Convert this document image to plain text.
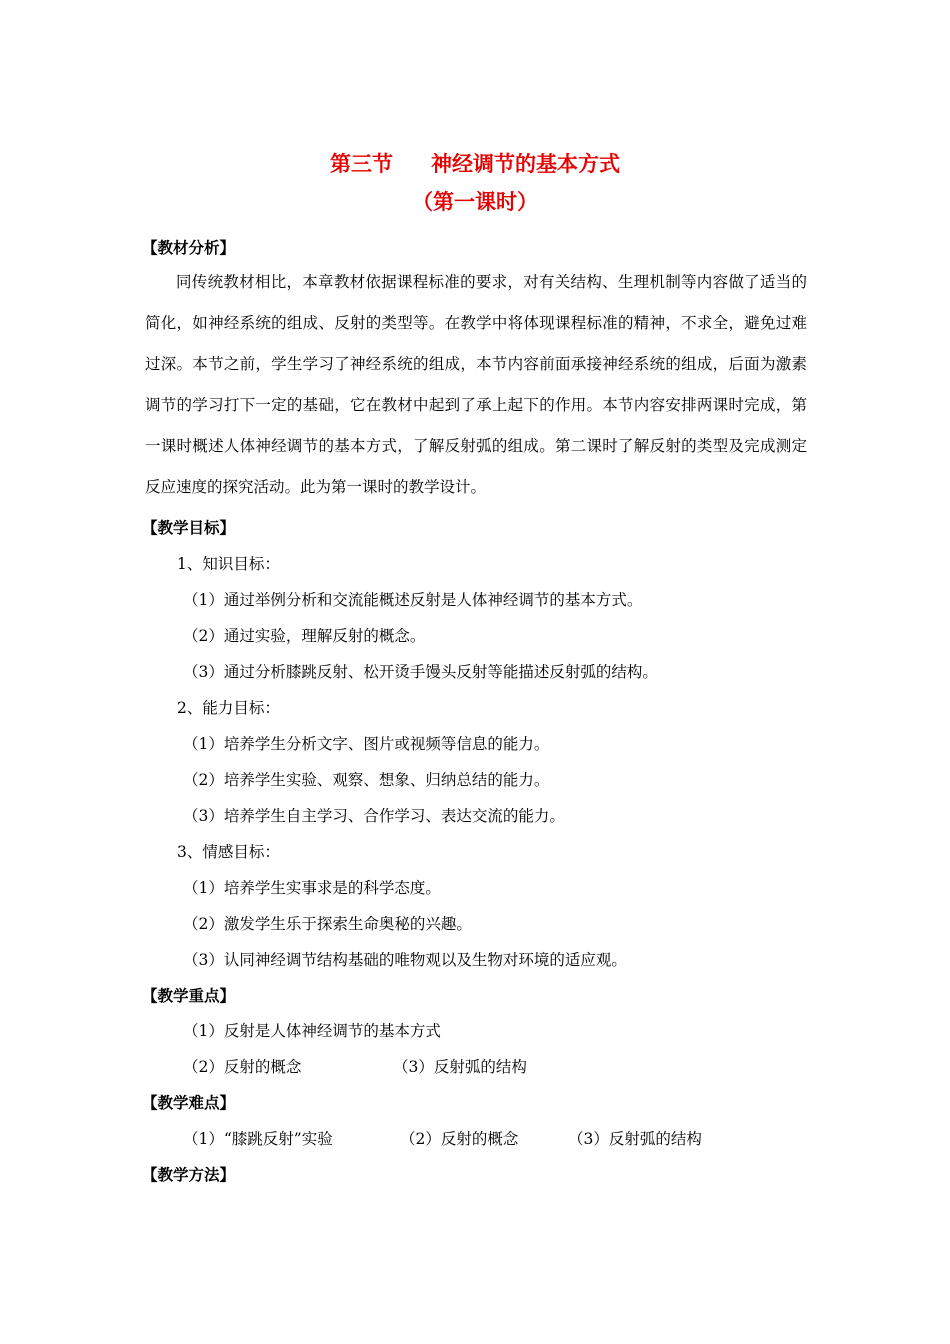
第三节 神经调节的基本方式
（第一课时）
【教材分析】
同传统教材相比，本章教材依据课程标准的要求，对有关结构、生理机制等内容做了适当的简化，如神经系统的组成、反射的类型等。在教学中将体现课程标准的精神，不求全，避免过难过深。本节之前，学生学习了神经系统的组成，本节内容前面承接神经系统的组成，后面为激素调节的学习打下一定的基础，它在教材中起到了承上起下的作用。本节内容安排两课时完成，第一课时概述人体神经调节的基本方式，了解反射弧的组成。第二课时了解反射的类型及完成测定反应速度的探究活动。此为第一课时的教学设计。
【教学目标】
1、知识目标：
（1）通过举例分析和交流能概述反射是人体神经调节的基本方式。
（2）通过实验，理解反射的概念。
（3）通过分析膝跳反射、松开烫手馒头反射等能描述反射弧的结构。
2、能力目标：
（1）培养学生分析文字、图片或视频等信息的能力。
（2）培养学生实验、观察、想象、归纳总结的能力。
（3）培养学生自主学习、合作学习、表达交流的能力。
3、情感目标：
（1）培养学生实事求是的科学态度。
（2）激发学生乐于探索生命奥秘的兴趣。
（3）认同神经调节结构基础的唯物观以及生物对环境的适应观。
【教学重点】
（1）反射是人体神经调节的基本方式
（2）反射的概念	（3）反射弧的结构
【教学难点】
（1）“膝跳反射”实验	（2）反射的概念	（3）反射弧的结构
【教学方法】
